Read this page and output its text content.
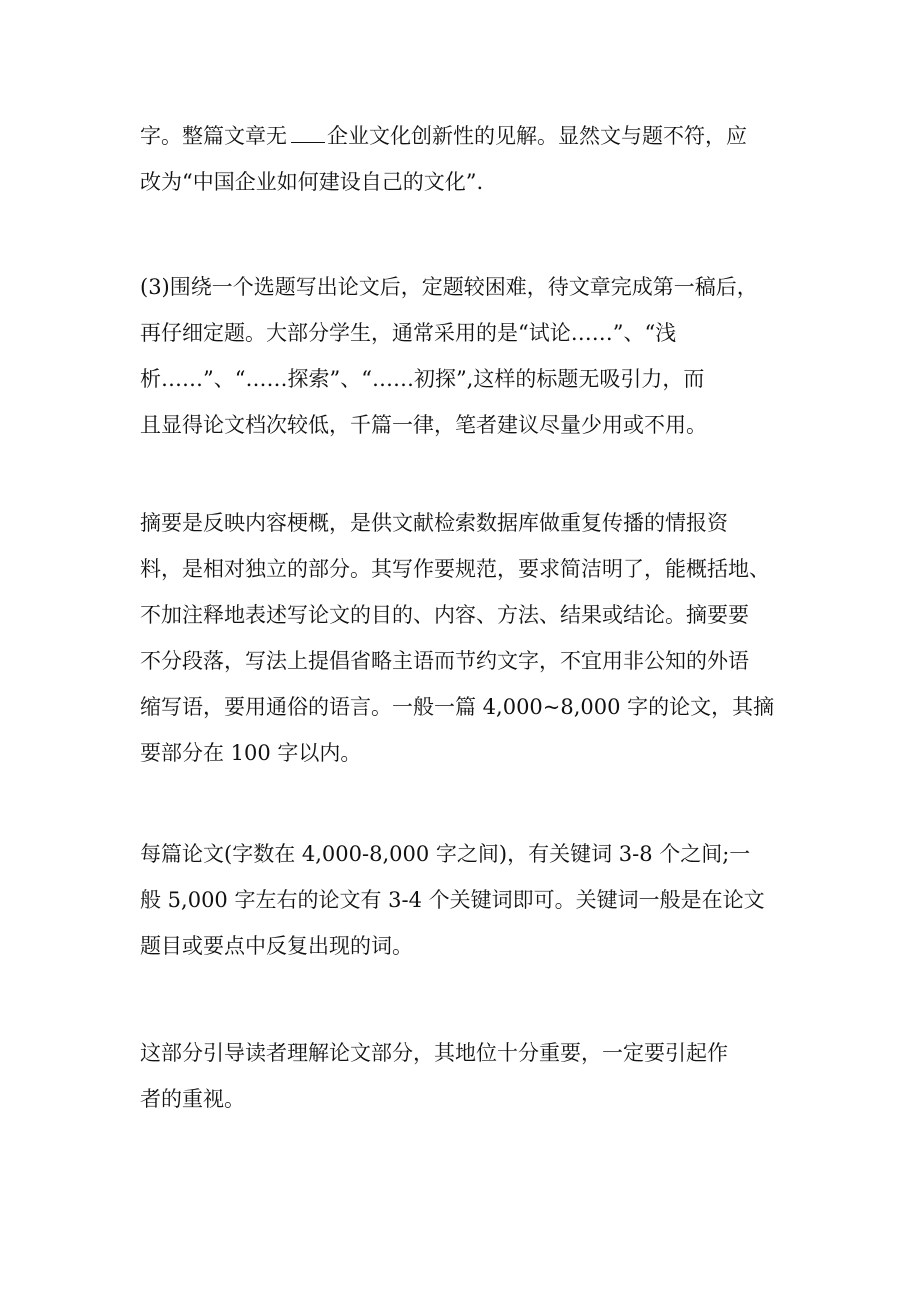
字。整篇文章无 企业文化创新性的见解。显然文与题不符，应
改为“中国企业如何建设自己的文化”.
(3)围绕一个选题写出论文后，定题较困难，待文章完成第一稿后，
再仔细定题。大部分学生，通常采用的是“试论……”、“浅
析……”、“……探索”、“……初探”,这样的标题无吸引力，而
且显得论文档次较低，千篇一律，笔者建议尽量少用或不用。
摘要是反映内容梗概，是供文献检索数据库做重复传播的情报资
料，是相对独立的部分。其写作要规范，要求简洁明了，能概括地、
不加注释地表述写论文的目的、内容、方法、结果或结论。摘要要
不分段落，写法上提倡省略主语而节约文字，不宜用非公知的外语
缩写语，要用通俗的语言。一般一篇 4,000~8,000 字的论文，其摘
要部分在 100 字以内。
每篇论文(字数在 4,000-8,000 字之间)，有关键词 3-8 个之间;一
般 5,000 字左右的论文有 3-4 个关键词即可。关键词一般是在论文
题目或要点中反复出现的词。
这部分引导读者理解论文部分，其地位十分重要，一定要引起作
者的重视。
